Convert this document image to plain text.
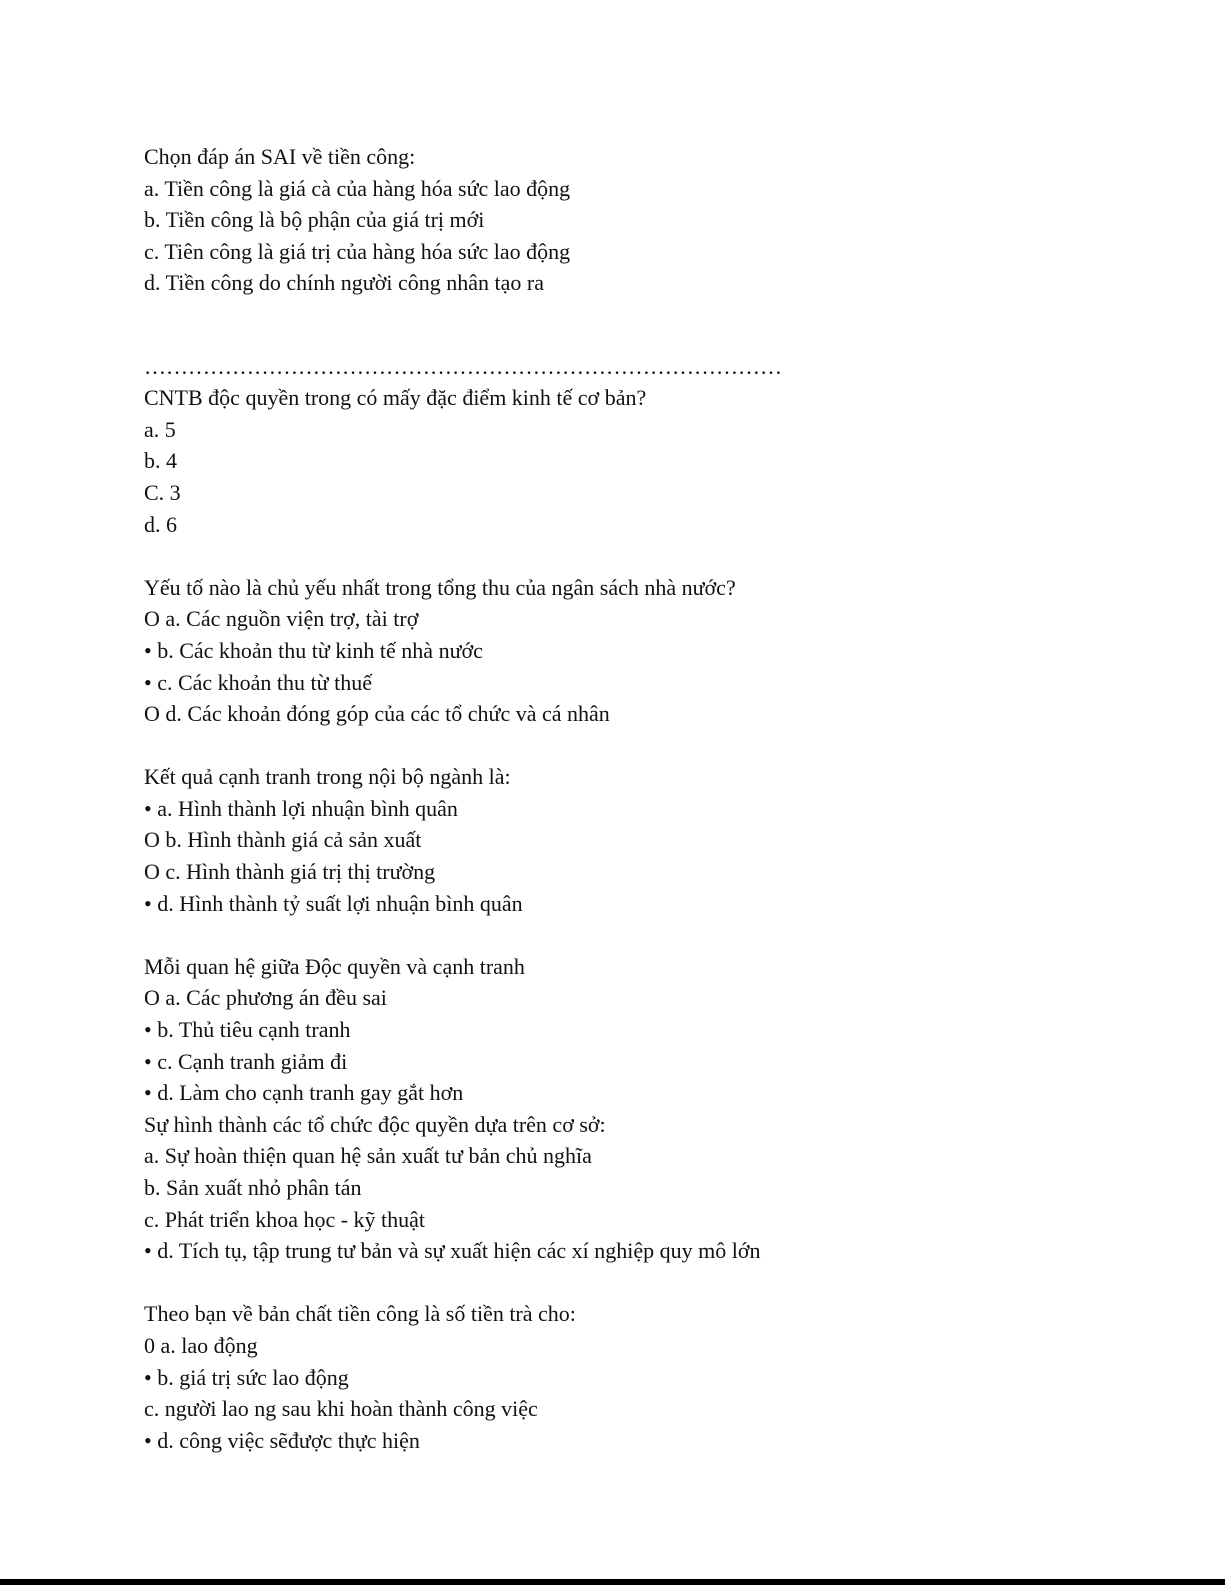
Chọn đáp án SAI về tiền công:
a. Tiền công là giá cà của hàng hóa sức lao động
b. Tiền công là bộ phận của giá trị mới
c. Tiên công là giá trị của hàng hóa sức lao động
d. Tiền công do chính người công nhân tạo ra
……………………………………………………………………………
CNTB độc quyền trong có mấy đặc điểm kinh tế cơ bản?
a. 5
b. 4
C. 3
d. 6
Yếu tố nào là chủ yếu nhất trong tổng thu của ngân sách nhà nước?
O a. Các nguồn viện trợ, tài trợ
• b. Các khoản thu từ kinh tế nhà nước
• c. Các khoản thu từ thuế
O d. Các khoản đóng góp của các tổ chức và cá nhân
Kết quả cạnh tranh trong nội bộ ngành là:
• a. Hình thành lợi nhuận bình quân
O b. Hình thành giá cả sản xuất
O c. Hình thành giá trị thị trường
• d. Hình thành tỷ suất lợi nhuận bình quân
Mỗi quan hệ giữa Độc quyền và cạnh tranh
O a. Các phương án đều sai
• b. Thủ tiêu cạnh tranh
• c. Cạnh tranh giảm đi
• d. Làm cho cạnh tranh gay gắt hơn
Sự hình thành các tổ chức độc quyền dựa trên cơ sở:
a. Sự hoàn thiện quan hệ sản xuất tư bản chủ nghĩa
b. Sản xuất nhỏ phân tán
c. Phát triển khoa học - kỹ thuật
• d. Tích tụ, tập trung tư bản và sự xuất hiện các xí nghiệp quy mô lớn
Theo bạn về bản chất tiền công là số tiền trà cho:
0 a. lao động
• b. giá trị sức lao động
c. người lao ng sau khi hoàn thành công việc
• d. công việc sẽđược thực hiện
